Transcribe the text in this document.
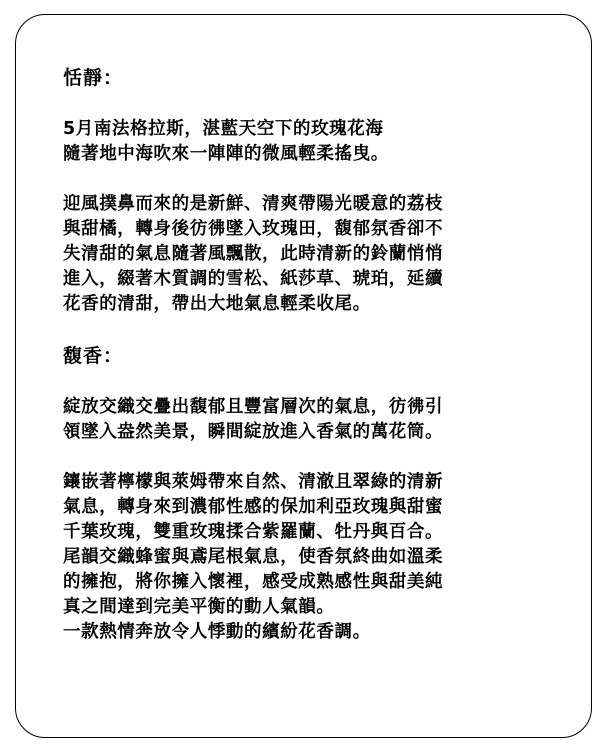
恬靜：

5月南法格拉斯，湛藍天空下的玫瑰花海
隨著地中海吹來一陣陣的微風輕柔搖曳。

迎風撲鼻而來的是新鮮、清爽帶陽光暖意的荔枝
與甜橘，轉身後彷彿墜入玫瑰田，馥郁氛香卻不
失清甜的氣息隨著風飄散，此時清新的鈴蘭悄悄
進入，綴著木質調的雪松、紙莎草、琥珀，延續
花香的清甜，帶出大地氣息輕柔收尾。

馥香：

綻放交織交疊出馥郁且豐富層次的氣息，彷彿引
領墜入盎然美景，瞬間綻放進入香氣的萬花筒。

鑲嵌著檸檬與萊姆帶來自然、清澈且翠綠的清新
氣息，轉身來到濃郁性感的保加利亞玫瑰與甜蜜
千葉玫瑰，雙重玫瑰揉合紫羅蘭、牡丹與百合。
尾韻交織蜂蜜與鳶尾根氣息，使香氛終曲如溫柔
的擁抱，將你擁入懷裡，感受成熟感性與甜美純
真之間達到完美平衡的動人氣韻。
一款熱情奔放令人悸動的繽紛花香調。
